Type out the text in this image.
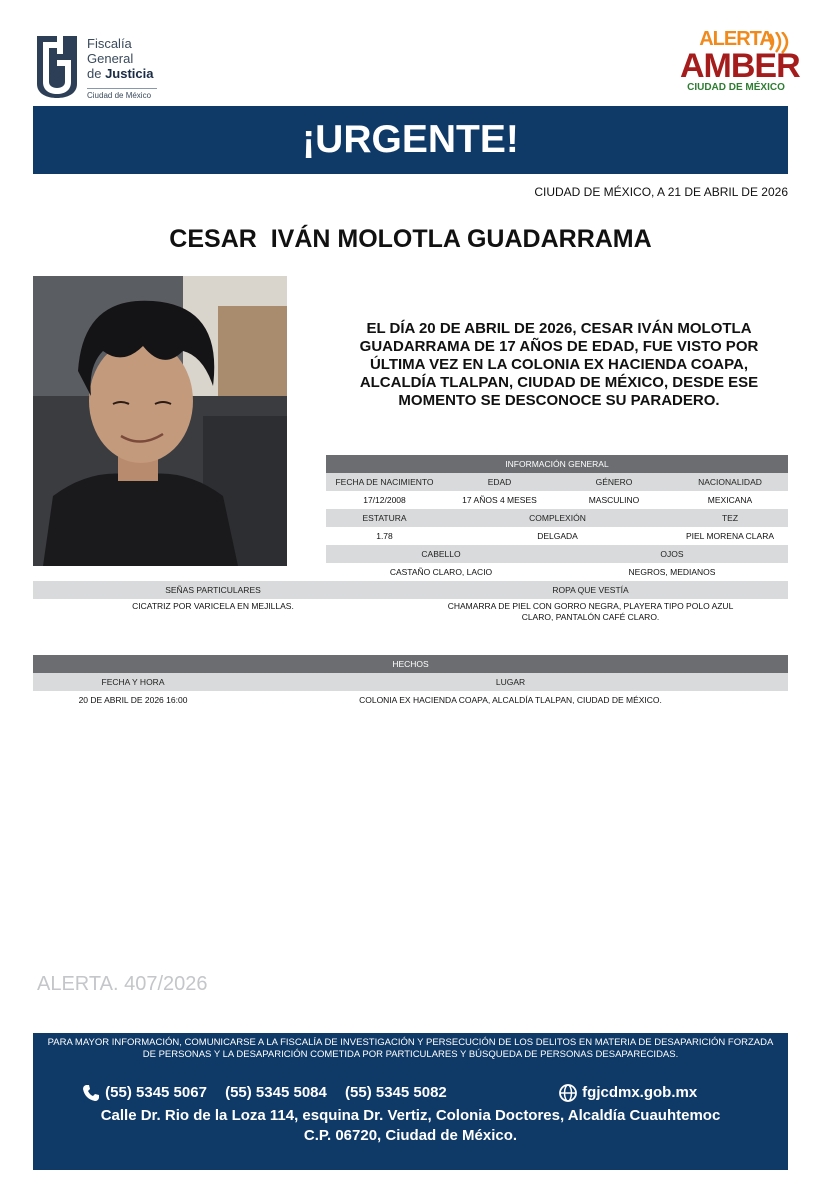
Fiscalía
General
de Justicia
Ciudad de México
ALERTA
AMBER
CIUDAD DE MÉXICO
¡URGENTE!
CIUDAD DE MÉXICO, A 21 DE ABRIL DE 2026
CESAR  IVÁN MOLOTLA GUADARRAMA
EL DÍA 20 DE ABRIL DE 2026, CESAR IVÁN MOLOTLA GUADARRAMA DE 17 AÑOS DE EDAD, FUE VISTO POR ÚLTIMA VEZ EN LA COLONIA EX HACIENDA COAPA, ALCALDÍA TLALPAN, CIUDAD DE MÉXICO, DESDE ESE MOMENTO SE DESCONOCE SU PARADERO.
INFORMACIÓN GENERAL			
FECHA DE NACIMIENTO	EDAD	GÉNERO	NACIONALIDAD
17/12/2008	17 AÑOS 4 MESES	MASCULINO	MEXICANA
ESTATURA	COMPLEXIÓN		TEZ
1.78	DELGADA		PIEL MORENA CLARA
CABELLO		OJOS	
CASTAÑO CLARO, LACIO		NEGROS, MEDIANOS	
SEÑAS PARTICULARES	ROPA QUE VESTÍA
CICATRIZ POR VARICELA EN MEJILLAS.	CHAMARRA DE PIEL CON GORRO NEGRA, PLAYERA TIPO POLO AZUL CLARO, PANTALÓN CAFÉ CLARO.
HECHOS	
FECHA Y HORA	LUGAR
20 DE ABRIL DE 2026 16:00	COLONIA EX HACIENDA COAPA, ALCALDÍA TLALPAN, CIUDAD DE MÉXICO.
ALERTA. 407/2026
PARA MAYOR INFORMACIÓN, COMUNICARSE A LA FISCALÍA DE INVESTIGACIÓN Y PERSECUCIÓN DE LOS DELITOS EN MATERIA DE DESAPARICIÓN FORZADA DE PERSONAS Y LA DESAPARICIÓN COMETIDA POR PARTICULARES Y BÚSQUEDA DE PERSONAS DESAPARECIDAS.
(55) 5345 5067 (55) 5345 5084 (55) 5345 5082	fgjcdmx.gob.mx
Calle Dr. Rio de la Loza 114, esquina Dr. Vertiz, Colonia Doctores, Alcaldía Cuauhtemoc
C.P. 06720, Ciudad de México.
